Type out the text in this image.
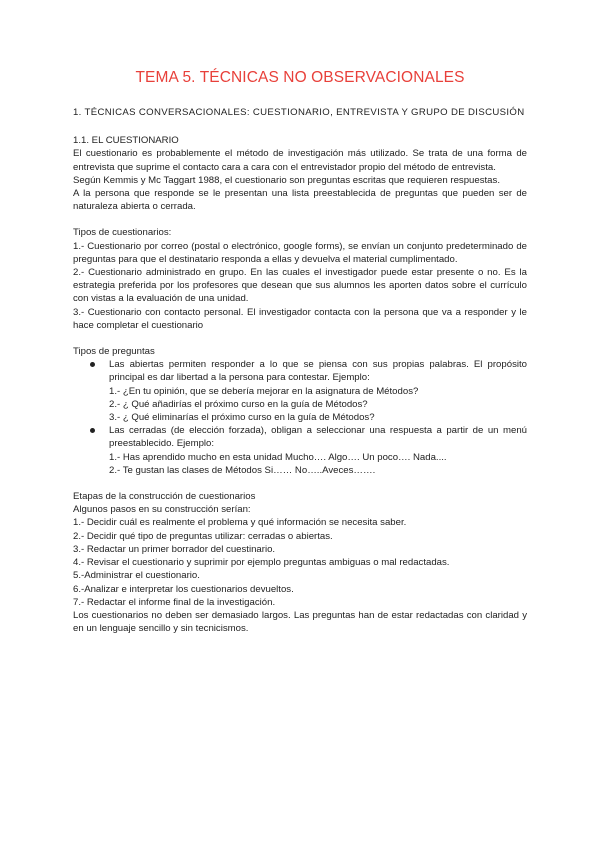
TEMA 5. TÉCNICAS NO OBSERVACIONALES
1. TÉCNICAS CONVERSACIONALES: CUESTIONARIO, ENTREVISTA Y GRUPO DE DISCUSIÓN

1.1. EL CUESTIONARIO

El cuestionario es probablemente el método de investigación más utilizado. Se trata de una forma de entrevista que suprime el contacto cara a cara con el entrevistador propio del método de entrevista.

Según Kemmis y Mc Taggart 1988, el cuestionario son preguntas escritas que requieren respuestas.

A la persona que responde se le presentan una lista preestablecida de preguntas que pueden ser de naturaleza abierta o cerrada.

Tipos de cuestionarios:

1.- Cuestionario por correo (postal o electrónico, google forms), se envían un conjunto predeterminado de preguntas para que el destinatario responda a ellas y devuelva el material cumplimentado.

2.- Cuestionario administrado en grupo. En las cuales el investigador puede estar presente o no. Es la estrategia preferida por los profesores que desean que sus alumnos les aporten datos sobre el currículo con vistas a la evaluación de una unidad.

3.- Cuestionario con contacto personal. El investigador contacta con la persona que va a responder y le hace completar el cuestionario

Tipos de preguntas

Las abiertas permiten responder a lo que se piensa con sus propias palabras. El propósito principal es dar libertad a la persona para contestar. Ejemplo:
1.- ¿En tu opinión, que se debería mejorar en la asignatura de Métodos?
2.- ¿ Qué añadirías el próximo curso en la guía de Métodos?
3.- ¿ Qué eliminarías el próximo curso en la guía de Métodos?
Las cerradas (de elección forzada), obligan a seleccionar una respuesta a partir de un menú preestablecido. Ejemplo:
1.- Has aprendido mucho en esta unidad Mucho…. Algo…. Un poco…. Nada....
2.- Te gustan las clases de Métodos Si…… No…..Aveces…….

Etapas de la construcción de cuestionarios

Algunos pasos en su construcción serían:

1.- Decidir cuál es realmente el problema y qué información se necesita saber.

2.- Decidir qué tipo de preguntas utilizar: cerradas o abiertas.

3.- Redactar un primer borrador del cuestinario.

4.- Revisar el cuestionario y suprimir por ejemplo preguntas ambiguas o mal redactadas.

5.-Administrar el cuestionario.

6.-Analizar e interpretar los cuestionarios devueltos.

7.- Redactar el informe final de la investigación.

Los cuestionarios no deben ser demasiado largos. Las preguntas han de estar redactadas con claridad y en un lenguaje sencillo y sin tecnicismos.
